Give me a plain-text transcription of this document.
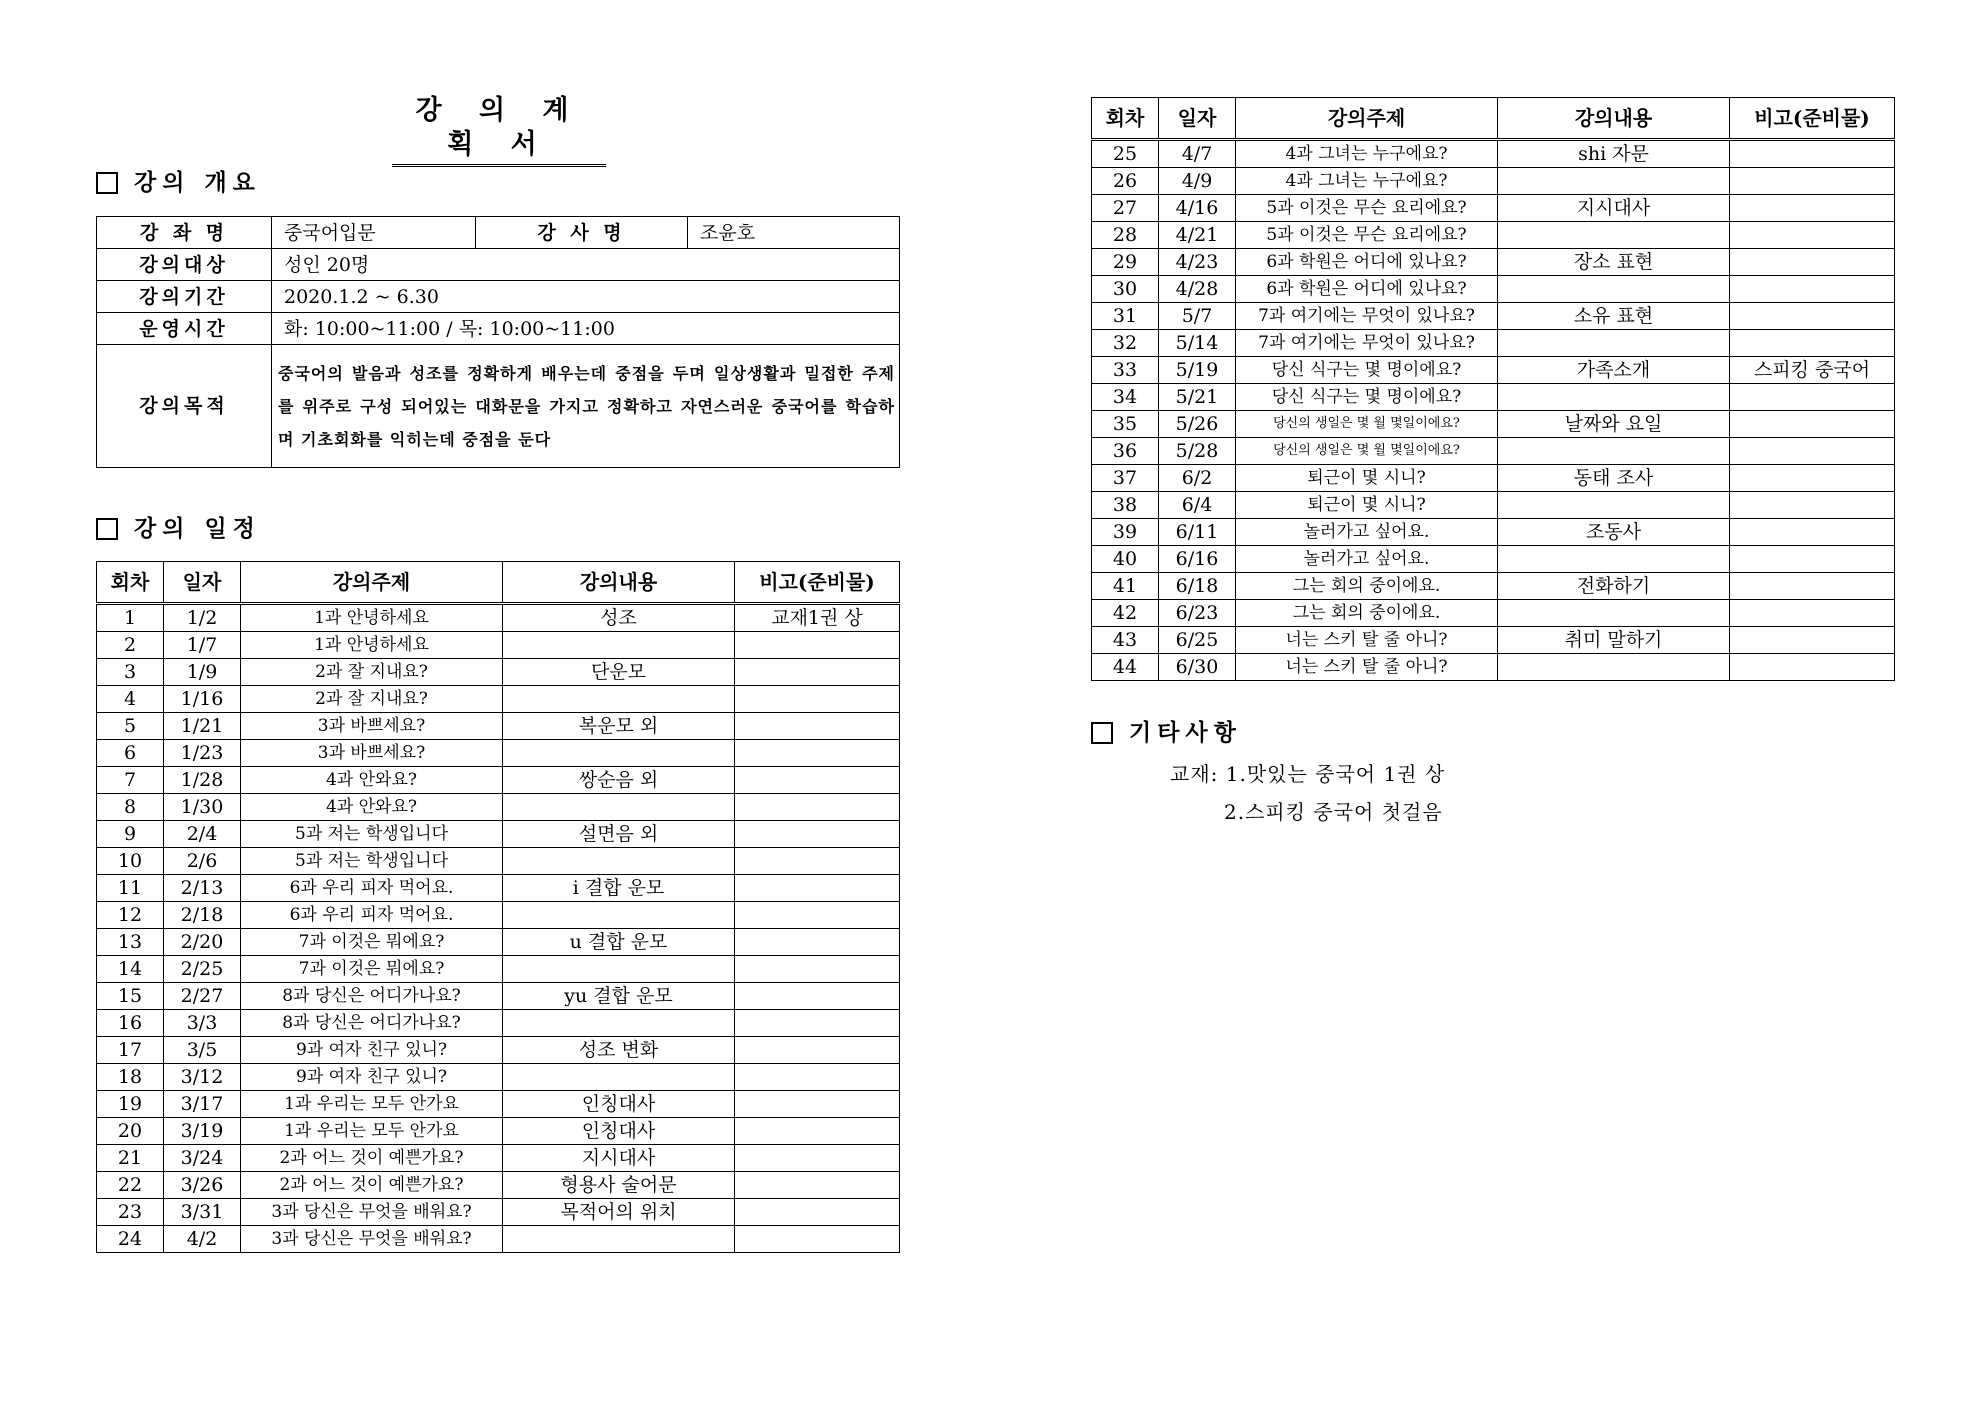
강 의 계 획 서
강의 개요
강 좌 명	중국어입문	강 사 명	조윤호
강의대상	성인 20명		
강의기간	2020.1.2 ~ 6.30		
운영시간	화: 10:00~11:00 / 목: 10:00~11:00		
강의목적	중국어의 발음과 성조를 정확하게 배우는데 중점을 두며 일상생활과 밀접한 주제를 위주로 구성 되어있는 대화문을 가지고 정확하고 자연스러운 중국어를 학습하며 기초회화를 익히는데 중점을 둔다		
강의 일정
회차	일자	강의주제	강의내용	비고(준비물)
1	1/2	1과 안녕하세요	성조	교재1권 상
2	1/7	1과 안녕하세요		
3	1/9	2과 잘 지내요?	단운모	
4	1/16	2과 잘 지내요?		
5	1/21	3과 바쁘세요?	복운모 외	
6	1/23	3과 바쁘세요?		
7	1/28	4과 안와요?	쌍순음 외	
8	1/30	4과 안와요?		
9	2/4	5과 저는 학생입니다	설면음 외	
10	2/6	5과 저는 학생입니다		
11	2/13	6과 우리 피자 먹어요.	i 결합 운모	
12	2/18	6과 우리 피자 먹어요.		
13	2/20	7과 이것은 뭐에요?	u 결합 운모	
14	2/25	7과 이것은 뭐에요?		
15	2/27	8과 당신은 어디가나요?	yu 결합 운모	
16	3/3	8과 당신은 어디가나요?		
17	3/5	9과 여자 친구 있니?	성조 변화	
18	3/12	9과 여자 친구 있니?		
19	3/17	1과 우리는 모두 안가요	인칭대사	
20	3/19	1과 우리는 모두 안가요	인칭대사	
21	3/24	2과 어느 것이 예쁜가요?	지시대사	
22	3/26	2과 어느 것이 예쁜가요?	형용사 술어문	
23	3/31	3과 당신은 무엇을 배워요?	목적어의 위치	
24	4/2	3과 당신은 무엇을 배워요?		
회차	일자	강의주제	강의내용	비고(준비물)
25	4/7	4과 그녀는 누구에요?	shi 자문	
26	4/9	4과 그녀는 누구에요?		
27	4/16	5과 이것은 무슨 요리에요?	지시대사	
28	4/21	5과 이것은 무슨 요리에요?		
29	4/23	6과 학원은 어디에 있나요?	장소 표현	
30	4/28	6과 학원은 어디에 있나요?		
31	5/7	7과 여기에는 무엇이 있나요?	소유 표현	
32	5/14	7과 여기에는 무엇이 있나요?		
33	5/19	당신 식구는 몇 명이에요?	가족소개	스피킹 중국어
34	5/21	당신 식구는 몇 명이에요?		
35	5/26	당신의 생일은 몇 월 몇일이에요?	날짜와 요일	
36	5/28	당신의 생일은 몇 월 몇일이에요?		
37	6/2	퇴근이 몇 시니?	동태 조사	
38	6/4	퇴근이 몇 시니?		
39	6/11	놀러가고 싶어요.	조동사	
40	6/16	놀러가고 싶어요.		
41	6/18	그는 회의 중이에요.	전화하기	
42	6/23	그는 회의 중이에요.		
43	6/25	너는 스키 탈 줄 아니?	취미 말하기	
44	6/30	너는 스키 탈 줄 아니?		
기타사항
교재: 1.맛있는 중국어 1권 상
2.스피킹 중국어 첫걸음
